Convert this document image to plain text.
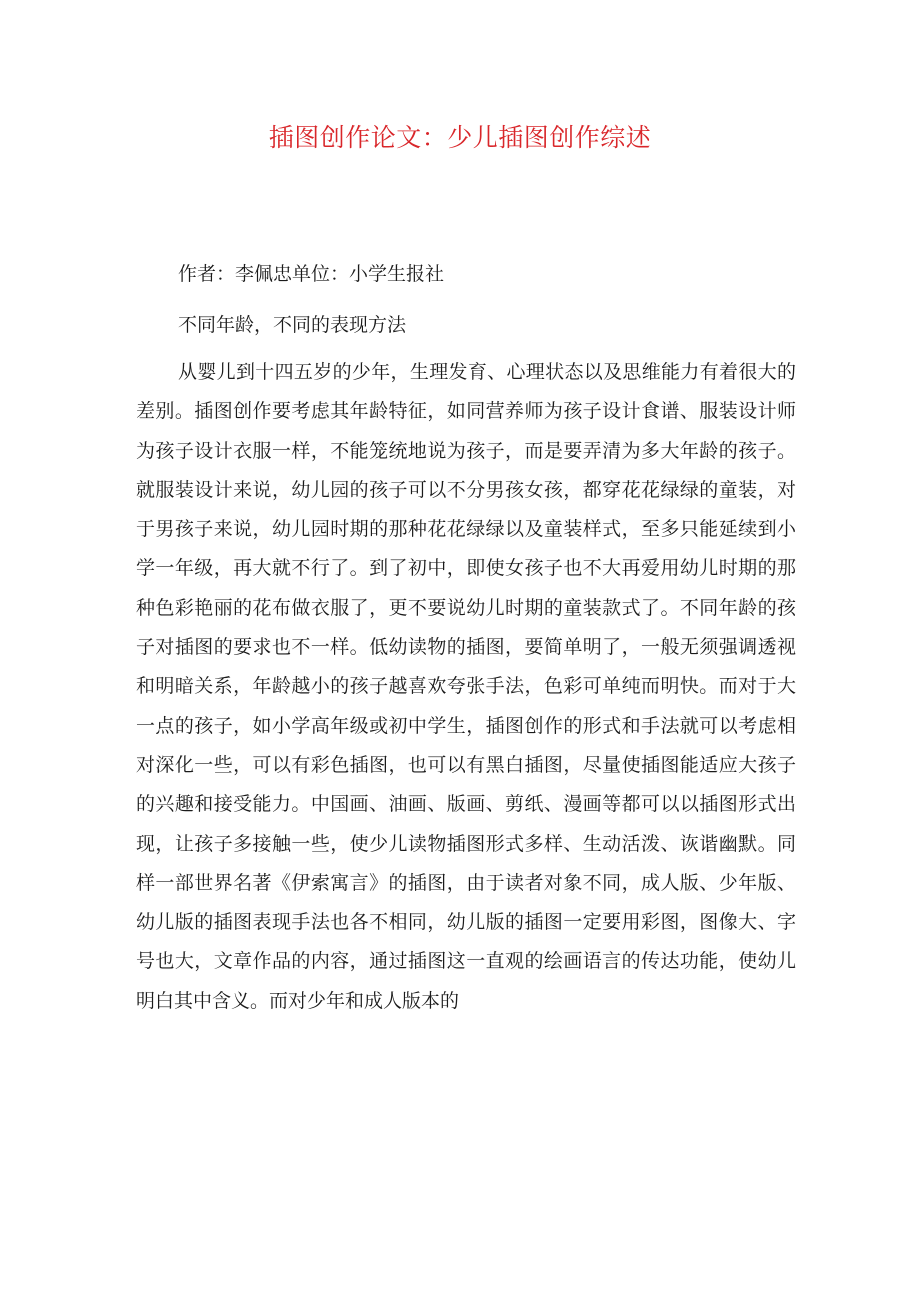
插图创作论文：少儿插图创作综述

作者：李佩忠单位：小学生报社

不同年龄，不同的表现方法

从婴儿到十四五岁的少年，生理发育、心理状态以及思维能力有着很大的差别。插图创作要考虑其年龄特征，如同营养师为孩子设计食谱、服装设计师为孩子设计衣服一样，不能笼统地说为孩子，而是要弄清为多大年龄的孩子。就服装设计来说，幼儿园的孩子可以不分男孩女孩，都穿花花绿绿的童装，对于男孩子来说，幼儿园时期的那种花花绿绿以及童装样式，至多只能延续到小学一年级，再大就不行了。到了初中，即使女孩子也不大再爱用幼儿时期的那种色彩艳丽的花布做衣服了，更不要说幼儿时期的童装款式了。不同年龄的孩子对插图的要求也不一样。低幼读物的插图，要简单明了，一般无须强调透视和明暗关系，年龄越小的孩子越喜欢夸张手法，色彩可单纯而明快。而对于大一点的孩子，如小学高年级或初中学生，插图创作的形式和手法就可以考虑相对深化一些，可以有彩色插图，也可以有黑白插图，尽量使插图能适应大孩子的兴趣和接受能力。中国画、油画、版画、剪纸、漫画等都可以以插图形式出现，让孩子多接触一些，使少儿读物插图形式多样、生动活泼、诙谐幽默。同样一部世界名著《伊索寓言》的插图，由于读者对象不同，成人版、少年版、幼儿版的插图表现手法也各不相同，幼儿版的插图一定要用彩图，图像大、字号也大，文章作品的内容，通过插图这一直观的绘画语言的传达功能，使幼儿明白其中含义。而对少年和成人版本的
